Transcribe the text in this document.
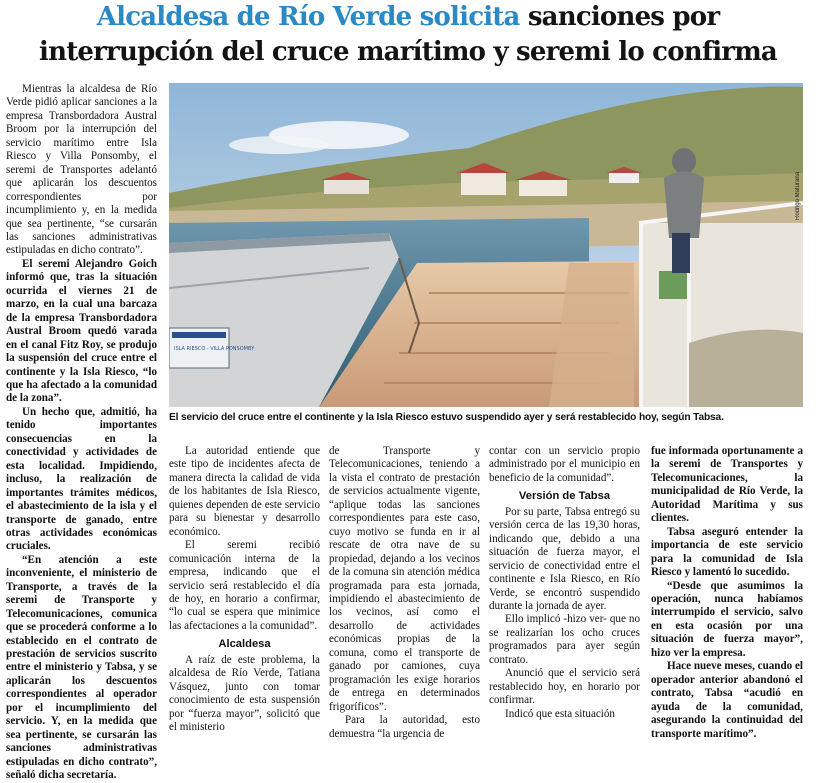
Alcaldesa de Río Verde solicita sanciones por
interrupción del cruce marítimo y seremi lo confirma

Mientras la alcaldesa de Río Verde pidió aplicar sanciones a la empresa Transbordadora Austral Broom por la interrupción del servicio marítimo entre Isla Riesco y Villa Ponsomby, el seremi de Transportes adelantó que aplicarán los descuentos correspondientes por incumplimiento y, en la medida que sea pertinente, “se cursarán las sanciones administrativas estipuladas en dicho contrato”.

El seremi Alejandro Goich informó que, tras la situación ocurrida el viernes 21 de marzo, en la cual una barcaza de la empresa Transbordadora Austral Broom quedó varada en el canal Fitz Roy, se produjo la suspensión del cruce entre el continente y la Isla Riesco, “lo que ha afectado a la comunidad de la zona”.

Un hecho que, admitió, ha tenido importantes consecuencias en la conectividad y actividades de esta localidad. Impidiendo, incluso, la realización de importantes trámites médicos, el abastecimiento de la isla y el transporte de ganado, entre otras actividades económicas cruciales.

“En atención a este inconveniente, el ministerio de Transporte, a través de la seremi de Transporte y Telecomunicaciones, comunica que se procederá conforme a lo establecido en el contrato de prestación de servicios suscrito entre el ministerio y Tabsa, y se aplicarán los descuentos correspondientes al operador por el incumplimiento del servicio. Y, en la medida que sea pertinente, se cursarán las sanciones administrativas estipuladas en dicho contrato”, señaló dicha secretaría.

ISLA RIESCO - VILLA PONSOMBY
Rodrigo Maturana
El servicio del cruce entre el continente y la Isla Riesco estuvo suspendido ayer y será restablecido hoy, según Tabsa.

La autoridad entiende que este tipo de incidentes afecta de manera directa la calidad de vida de los habitantes de Isla Riesco, quienes dependen de este servicio para su bienestar y desarrollo económico.

El seremi recibió comunicación interna de la empresa, indicando que el servicio será restablecido el día de hoy, en horario a confirmar, “lo cual se espera que minimice las afectaciones a la comunidad”.

Alcaldesa

A raíz de este problema, la alcaldesa de Río Verde, Tatiana Vásquez, junto con tomar conocimiento de esta suspensión por “fuerza mayor”, solicitó que el ministerio

de Transporte y Telecomunicaciones, teniendo a la vista el contrato de prestación de servicios actualmente vigente, “aplique todas las sanciones correspondientes para este caso, cuyo motivo se funda en ir al rescate de otra nave de su propiedad, dejando a los vecinos de la comuna sin atención médica programada para esta jornada, impidiendo el abastecimiento de los vecinos, así como el desarrollo de actividades económicas propias de la comuna, como el transporte de ganado por camiones, cuya programación les exige horarios de entrega en determinados frigoríficos”.

Para la autoridad, esto demuestra “la urgencia de

contar con un servicio propio administrado por el municipio en beneficio de la comunidad”.

Versión de Tabsa

Por su parte, Tabsa entregó su versión cerca de las 19,30 horas, indicando que, debido a una situación de fuerza mayor, el servicio de conectividad entre el continente e Isla Riesco, en Río Verde, se encontró suspendido durante la jornada de ayer.

Ello implicó -hizo ver- que no se realizarían los ocho cruces programados para ayer según contrato.

Anunció que el servicio será restablecido hoy, en horario por confirmar.

Indicó que esta situación

fue informada oportunamente a la seremi de Transportes y Telecomunicaciones, la municipalidad de Río Verde, la Autoridad Marítima y sus clientes.

Tabsa aseguró entender la importancia de este servicio para la comunidad de Isla Riesco y lamentó lo sucedido.

“Desde que asumimos la operación, nunca habíamos interrumpido el servicio, salvo en esta ocasión por una situación de fuerza mayor”, hizo ver la empresa.

Hace nueve meses, cuando el operador anterior abandonó el contrato, Tabsa “acudió en ayuda de la comunidad, asegurando la continuidad del transporte marítimo”.
